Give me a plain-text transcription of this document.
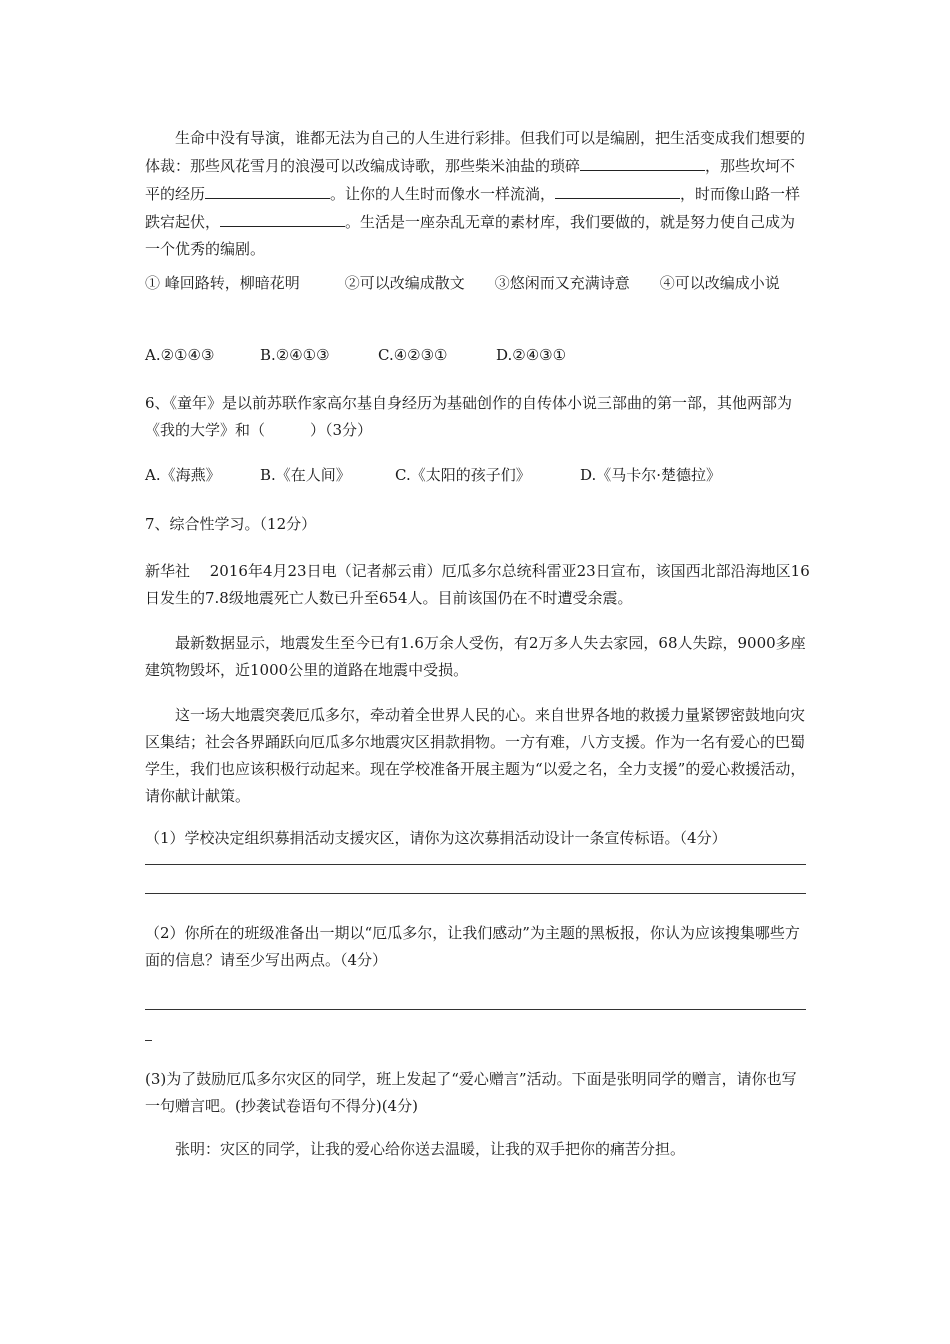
生命中没有导演，谁都无法为自己的人生进行彩排。但我们可以是编剧，把生活变成我们想要的体裁：那些风花雪月的浪漫可以改编成诗歌，那些柴米油盐的琐碎	，那些坎坷不平的经历	。让你的人生时而像水一样流淌，	，时而像山路一样跌宕起伏，	。生活是一座杂乱无章的素材库，我们要做的，就是努力使自己成为一个优秀的编剧。
① 峰回路转，柳暗花明　　　②可以改编成散文　　③悠闲而又充满诗意　　④可以改编成小说
A.②①④③	B.②④①③	C.④②③①	D.②④③①
6、《童年》是以前苏联作家高尔基自身经历为基础创作的自传体小说三部曲的第一部，其他两部为《我的大学》和（　　　）（3分）
A.《海燕》	B.《在人间》	C.《太阳的孩子们》	D.《马卡尔·楚德拉》
7、综合性学习。（12分）
新华社　 2016年4月23日电（记者郝云甫）厄瓜多尔总统科雷亚23日宣布，该国西北部沿海地区16日发生的7.8级地震死亡人数已升至654人。目前该国仍在不时遭受余震。
最新数据显示，地震发生至今已有1.6万余人受伤，有2万多人失去家园，68人失踪，9000多座建筑物毁坏，近1000公里的道路在地震中受损。
这一场大地震突袭厄瓜多尔，牵动着全世界人民的心。来自世界各地的救援力量紧锣密鼓地向灾区集结；社会各界踊跃向厄瓜多尔地震灾区捐款捐物。一方有难，八方支援。作为一名有爱心的巴蜀学生，我们也应该积极行动起来。现在学校准备开展主题为“以爱之名，全力支援”的爱心救援活动，请你献计献策。
（1）学校决定组织募捐活动支援灾区，请你为这次募捐活动设计一条宣传标语。（4分）
（2）你所在的班级准备出一期以“厄瓜多尔，让我们感动”为主题的黑板报，你认为应该搜集哪些方面的信息？请至少写出两点。（4分）
(3)为了鼓励厄瓜多尔灾区的同学，班上发起了“爱心赠言”活动。下面是张明同学的赠言，请你也写一句赠言吧。(抄袭试卷语句不得分)(4分)
张明：灾区的同学，让我的爱心给你送去温暖，让我的双手把你的痛苦分担。
